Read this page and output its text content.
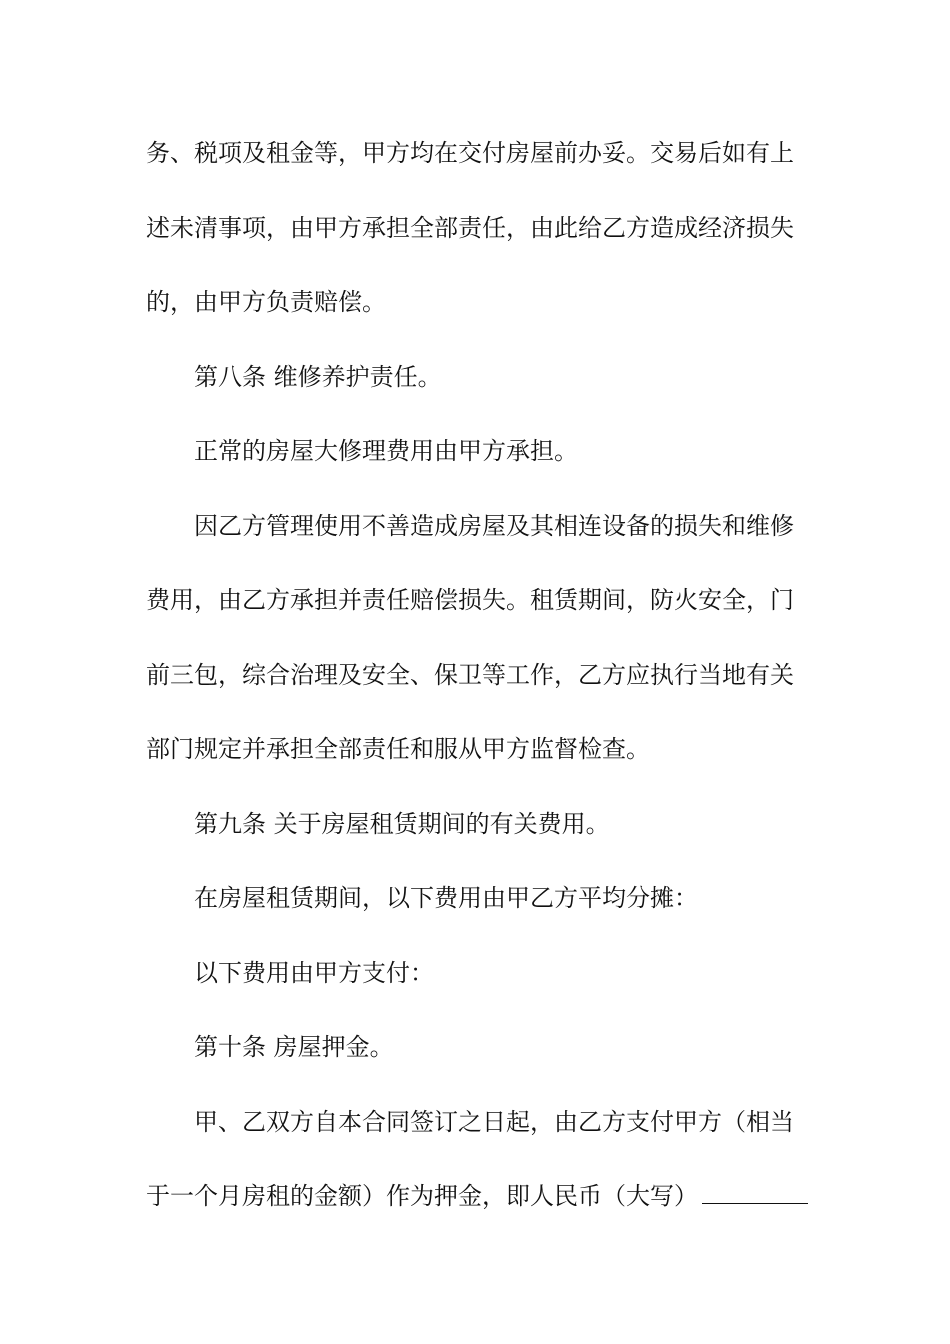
务、税项及租金等，甲方均在交付房屋前办妥。交易后如有上
述未清事项，由甲方承担全部责任，由此给乙方造成经济损失
的，由甲方负责赔偿。
第八条 维修养护责任。
正常的房屋大修理费用由甲方承担。
因乙方管理使用不善造成房屋及其相连设备的损失和维修
费用，由乙方承担并责任赔偿损失。租赁期间，防火安全，门
前三包，综合治理及安全、保卫等工作，乙方应执行当地有关
部门规定并承担全部责任和服从甲方监督检查。
第九条 关于房屋租赁期间的有关费用。
在房屋租赁期间，以下费用由甲乙方平均分摊：
以下费用由甲方支付：
第十条 房屋押金。
甲、乙双方自本合同签订之日起，由乙方支付甲方（相当
于一个月房租的金额）作为押金，即人民币（大写）
